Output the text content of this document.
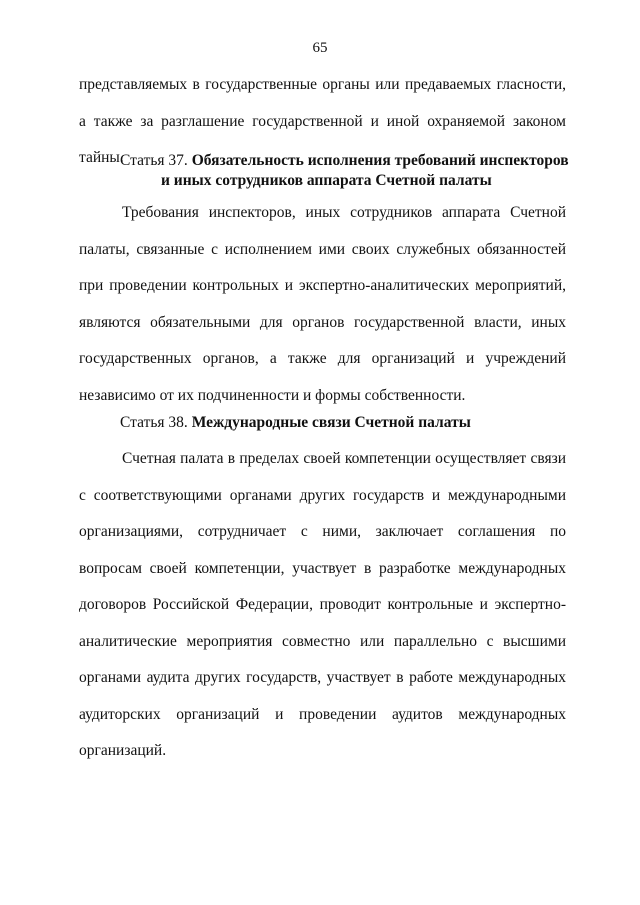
65

представляемых в государственные органы или предаваемых гласности, а также за разглашение государственной и иной охраняемой законом тайны.

Статья 37. Обязательность исполнения требований инспекторов
и иных сотрудников аппарата Счетной палаты

Требования инспекторов, иных сотрудников аппарата Счетной палаты, связанные с исполнением ими своих служебных обязанностей при проведении контрольных и экспертно-аналитических мероприятий, являются обязательными для органов государственной власти, иных государственных органов, а также для организаций и учреждений независимо от их подчиненности и формы собственности.

Статья 38. Международные связи Счетной палаты

Счетная палата в пределах своей компетенции осуществляет связи с соответствующими органами других государств и международными организациями, сотрудничает с ними, заключает соглашения по вопросам своей компетенции, участвует в разработке международных договоров Российской Федерации, проводит контрольные и экспертно-аналитические мероприятия совместно или параллельно с высшими органами аудита других государств, участвует в работе международных аудиторских организаций и проведении аудитов международных организаций.
